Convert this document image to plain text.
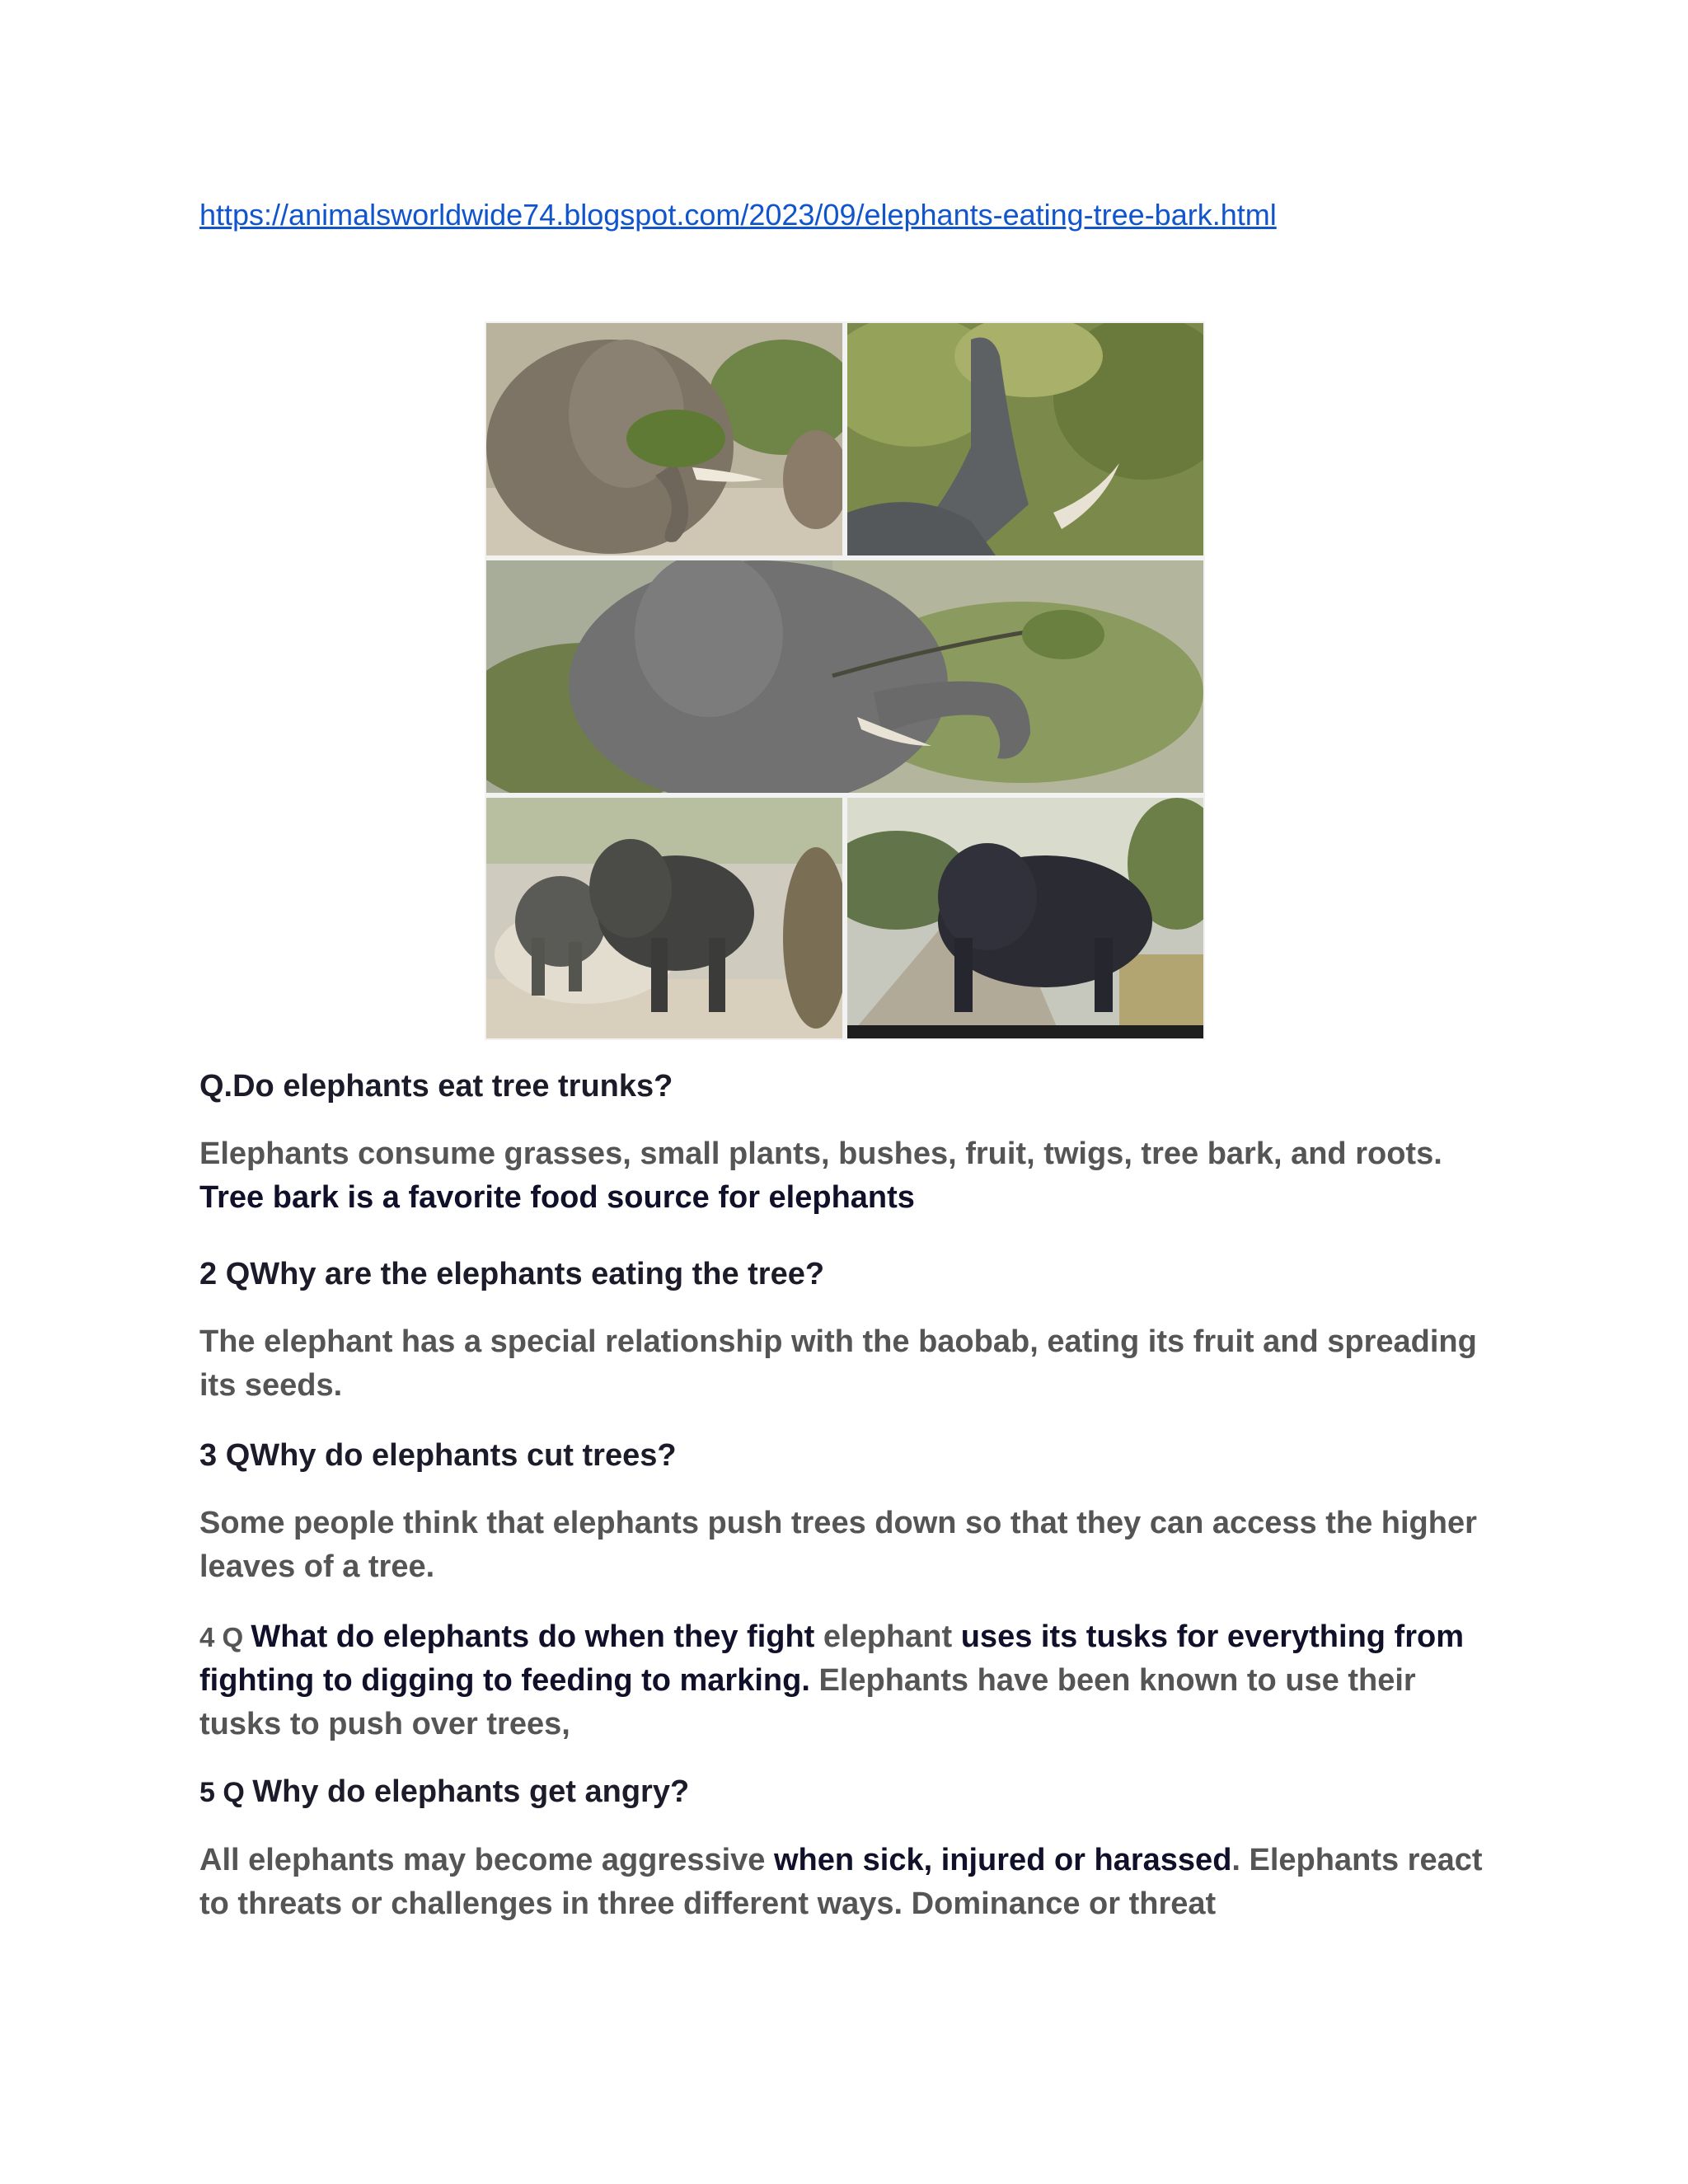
https://animalsworldwide74.blogspot.com/2023/09/elephants-eating-tree-bark.html
Q.Do elephants eat tree trunks?
Elephants consume grasses, small plants, bushes, fruit, twigs, tree bark, and roots. Tree bark is a favorite food source for elephants
2 QWhy are the elephants eating the tree?
The elephant has a special relationship with the baobab, eating its fruit and spreading its seeds.
3 QWhy do elephants cut trees?
Some people think that elephants push trees down so that they can access the higher leaves of a tree.
4 Q What do elephants do when they fight elephant uses its tusks for everything from fighting to digging to feeding to marking. Elephants have been known to use their tusks to push over trees,
5 Q Why do elephants get angry?
All elephants may become aggressive when sick, injured or harassed. Elephants react to threats or challenges in three different ways. Dominance or threat
